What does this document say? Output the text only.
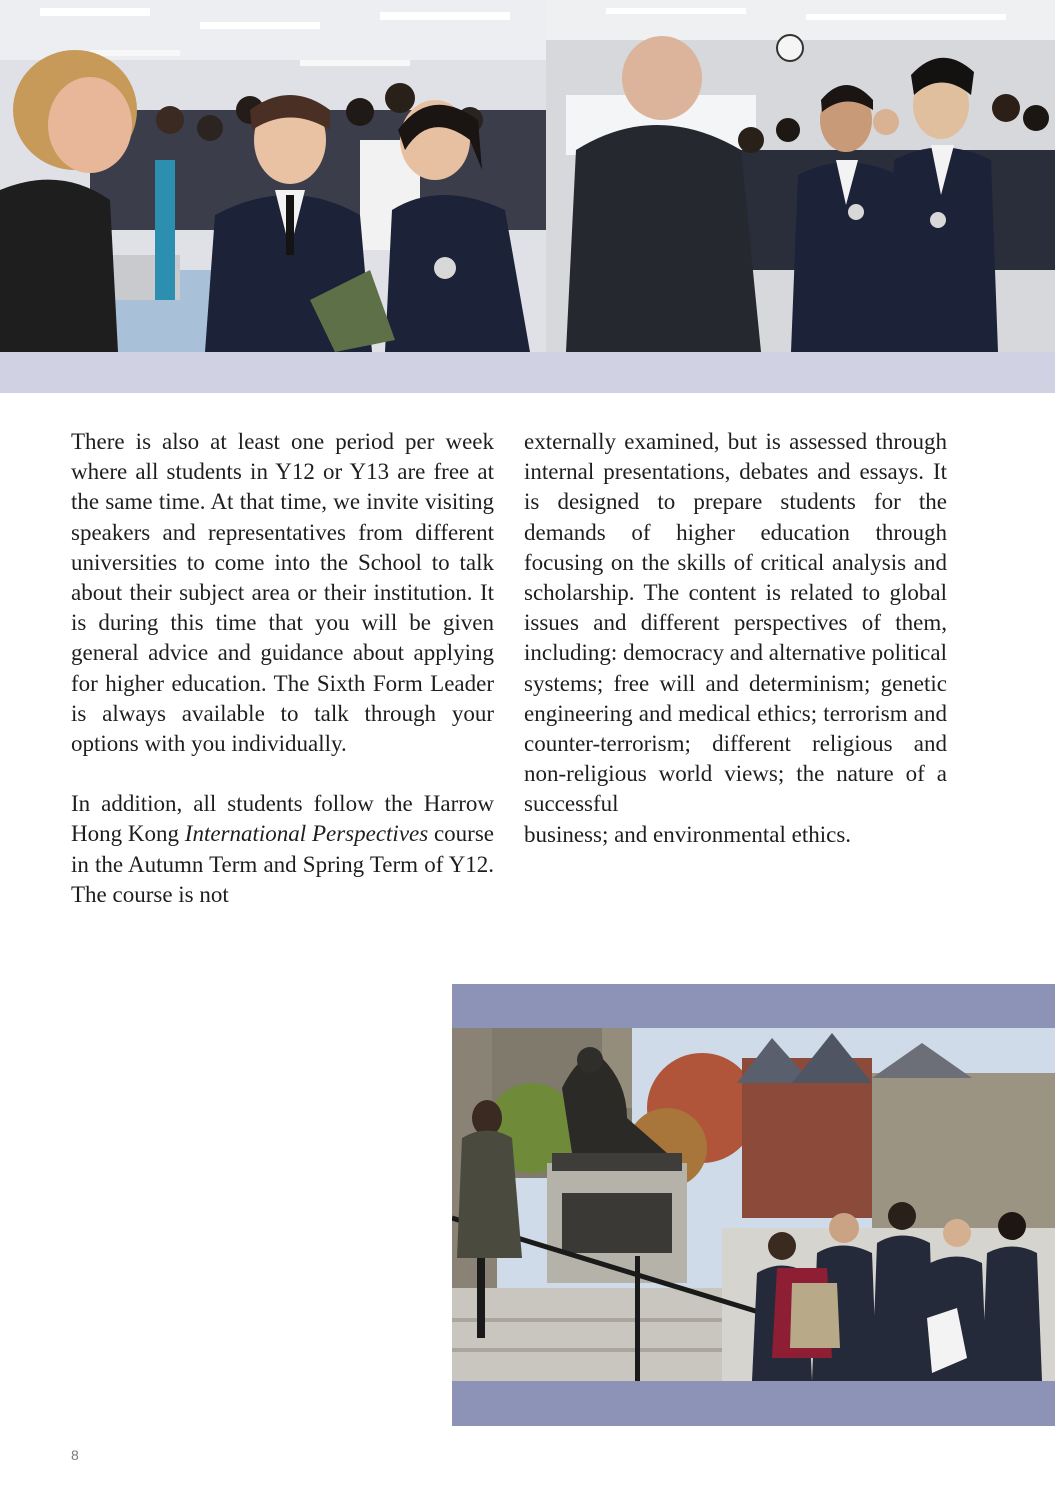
There is also at least one period per week where all students in Y12 or Y13 are free at the same time. At that time, we invite visiting speakers and representatives from different universities to come into the School to talk about their subject area or their institution. It is during this time that you will be given general advice and guidance about applying for higher education. The Sixth Form Leader is always available to talk through your options with you individually.

In addition, all students follow the Harrow Hong Kong International Perspectives course in the Autumn Term and Spring Term of Y12. The course is not

externally examined, but is assessed through internal presentations, debates and essays. It is designed to prepare students for the demands of higher education through focusing on the skills of critical analysis and scholarship. The content is related to global issues and different perspectives of them, including: democracy and alternative political systems; free will and determinism; genetic engineering and medical ethics; terrorism and counter-terrorism; different religious and non-religious world views; the nature of a successful

business; and environmental ethics.

8
